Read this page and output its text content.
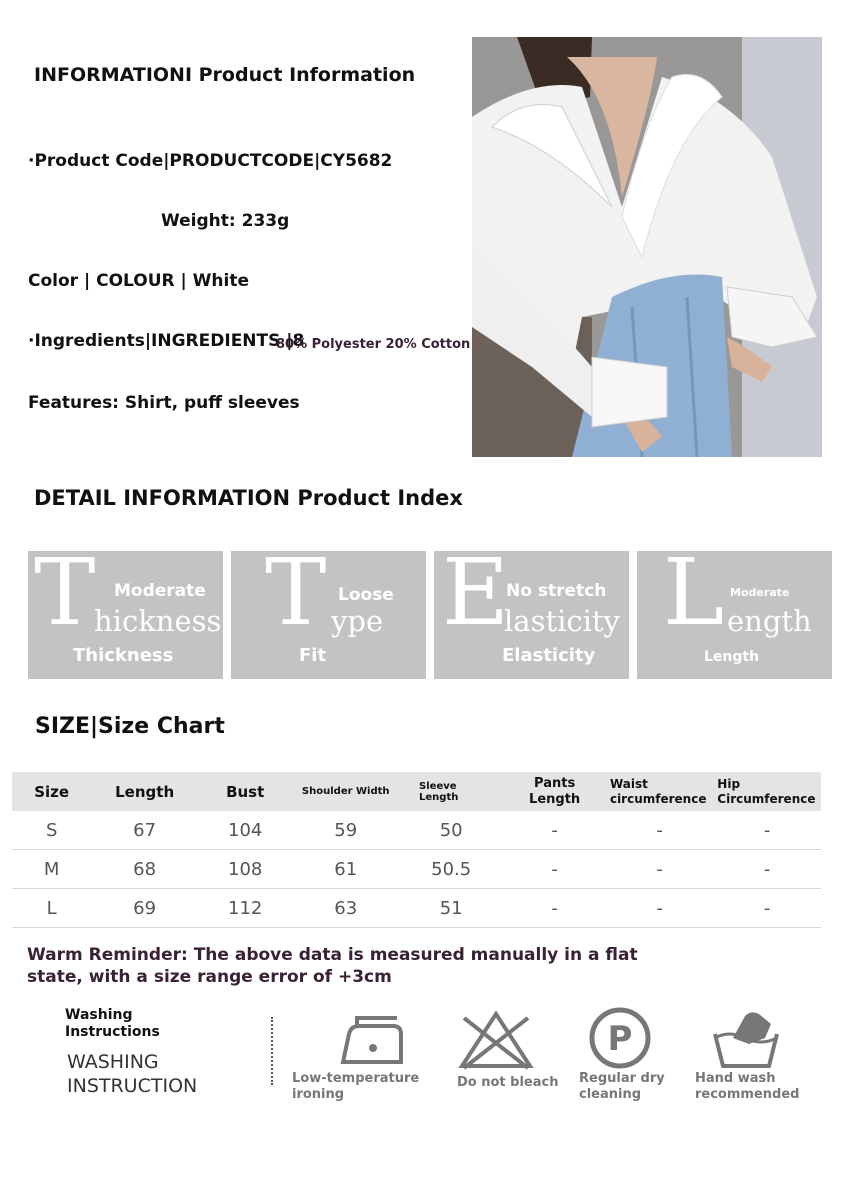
INFORMATIONI Product Information
·Product Code|PRODUCTCODE|CY5682
Weight: 233g
Color | COLOUR | White
·Ingredients|INGREDIENTS |8
80% Polyester 20% Cotton
Features: Shirt, puff sleeves
DETAIL INFORMATION Product Index
T
hickness
Moderate
Thickness
T ype
Loose
Fit
E
lasticity
No stretch
Elasticity
L ength
Moderate
Length
SIZE|Size Chart
Size	Length	Bust	Shoulder Width	Sleeve Length	Pants Length	Waist circumference	Hip Circumference
S	67	104	59	50	-	-	-
M	68	108	61	50.5	-	-	-
L	69	112	63	51	-	-	-
Warm Reminder: The above data is measured manually in a flat state, with a size range error of +3cm
Washing Instructions
WASHING INSTRUCTION	Low-temperature
ironing
Do not bleach
P
Regular dry
cleaning
Hand wash
recommended
